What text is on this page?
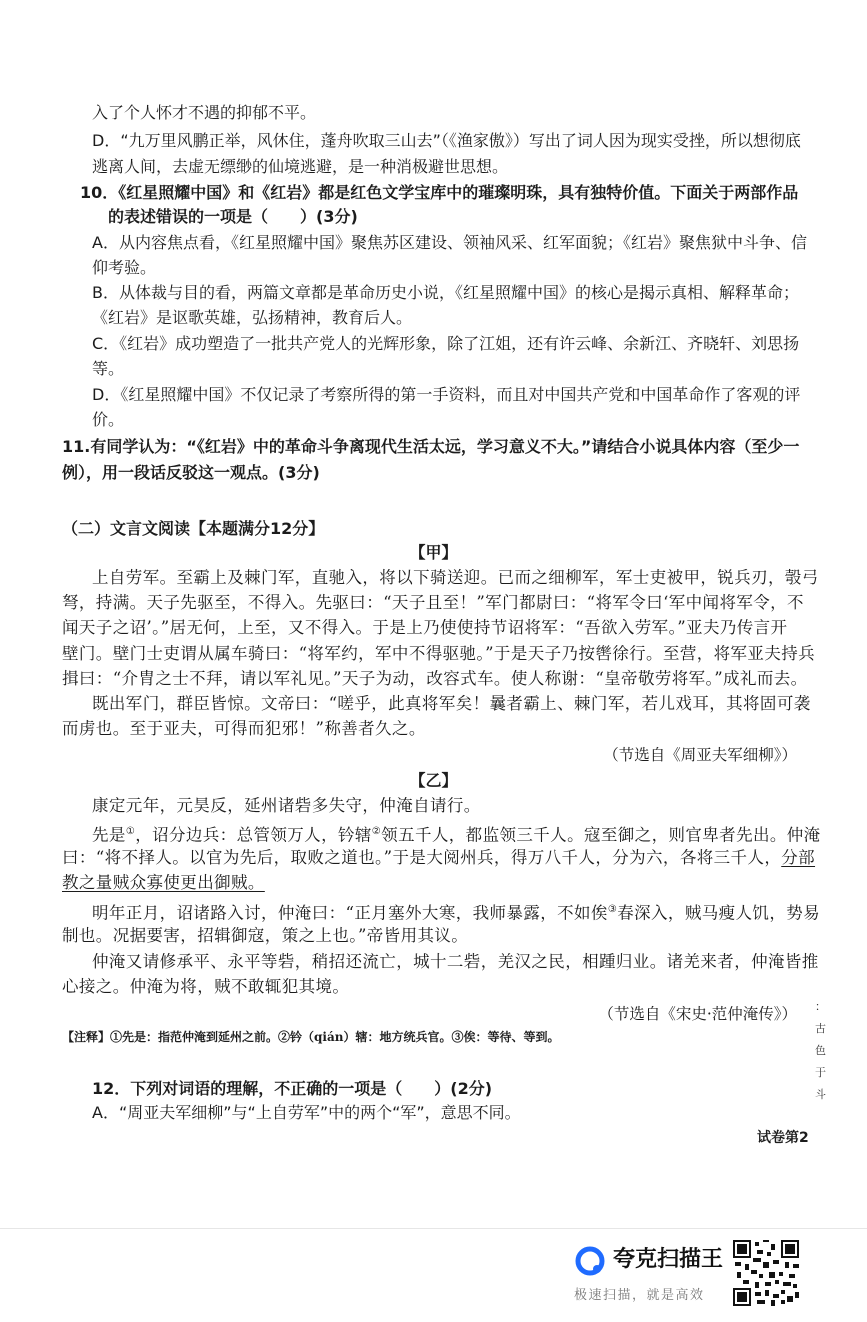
入了个人怀才不遇的抑郁不平。
D．“九万里风鹏正举，风休住，蓬舟吹取三山去”（《渔家傲》）写出了词人因为现实受挫，所以想彻底
逃离人间，去虚无缥缈的仙境逃避，是一种消极避世思想。
10．《红星照耀中国》和《红岩》都是红色文学宝库中的璀璨明珠，具有独特价值。下面关于两部作品
的表述错误的一项是（　　）(3分)
A．从内容焦点看，《红星照耀中国》聚焦苏区建设、领袖风采、红军面貌；《红岩》聚焦狱中斗争、信
仰考验。
B．从体裁与目的看，两篇文章都是革命历史小说，《红星照耀中国》的核心是揭示真相、解释革命；
《红岩》是讴歌英雄，弘扬精神，教育后人。
C．《红岩》成功塑造了一批共产党人的光辉形象，除了江姐，还有许云峰、余新江、齐晓轩、刘思扬
等。
D．《红星照耀中国》不仅记录了考察所得的第一手资料，而且对中国共产党和中国革命作了客观的评
价。
11.有同学认为：“《红岩》中的革命斗争离现代生活太远，学习意义不大。”请结合小说具体内容（至少一
例），用一段话反驳这一观点。(3分)
（二）文言文阅读【本题满分12分】
【甲】
上自劳军。至霸上及棘门军，直驰入，将以下骑送迎。已而之细柳军，军士吏被甲，锐兵刃，彀弓
弩，持满。天子先驱至，不得入。先驱曰：“天子且至！”军门都尉曰：“将军令曰‘军中闻将军令，不
闻天子之诏’。”居无何，上至，又不得入。于是上乃使使持节诏将军：“吾欲入劳军。”亚夫乃传言开
壁门。壁门士吏谓从属车骑曰：“将军约，军中不得驱驰。”于是天子乃按辔徐行。至营，将军亚夫持兵
揖曰：“介胄之士不拜，请以军礼见。”天子为动，改容式车。使人称谢：“皇帝敬劳将军。”成礼而去。
既出军门，群臣皆惊。文帝曰：“嗟乎，此真将军矣！曩者霸上、棘门军，若儿戏耳，其将固可袭
而虏也。至于亚夫，可得而犯邪！”称善者久之。
（节选自《周亚夫军细柳》）
【乙】
康定元年，元昊反，延州诸砦多失守，仲淹自请行。
先是①，诏分边兵：总管领万人，钤辖②领五千人，都监领三千人。寇至御之，则官卑者先出。仲淹
曰：“将不择人。以官为先后，取败之道也。”于是大阅州兵，得万八千人，分为六，各将三千人，分部
教之量贼众寡使更出御贼。
明年正月，诏诸路入讨，仲淹曰：“正月塞外大寒，我师暴露，不如俟③春深入，贼马瘦人饥，势易
制也。况据要害，招辑御寇，策之上也。”帝皆用其议。
仲淹又请修承平、永平等砦，稍招还流亡，城十二砦，羌汉之民，相踵归业。诸羌来者，仲淹皆推
心接之。仲淹为将，贼不敢辄犯其境。
（节选自《宋史·范仲淹传》）
【注释】①先是：指范仲淹到延州之前。②钤（qián）辖：地方统兵官。③俟：等待、等到。
12．下列对词语的理解，不正确的一项是（　　）(2分)
A．“周亚夫军细柳”与“上自劳军”中的两个“军”，意思不同。
：
古
色
于
斗
试卷第2
夸克扫描王
极速扫描，就是高效
